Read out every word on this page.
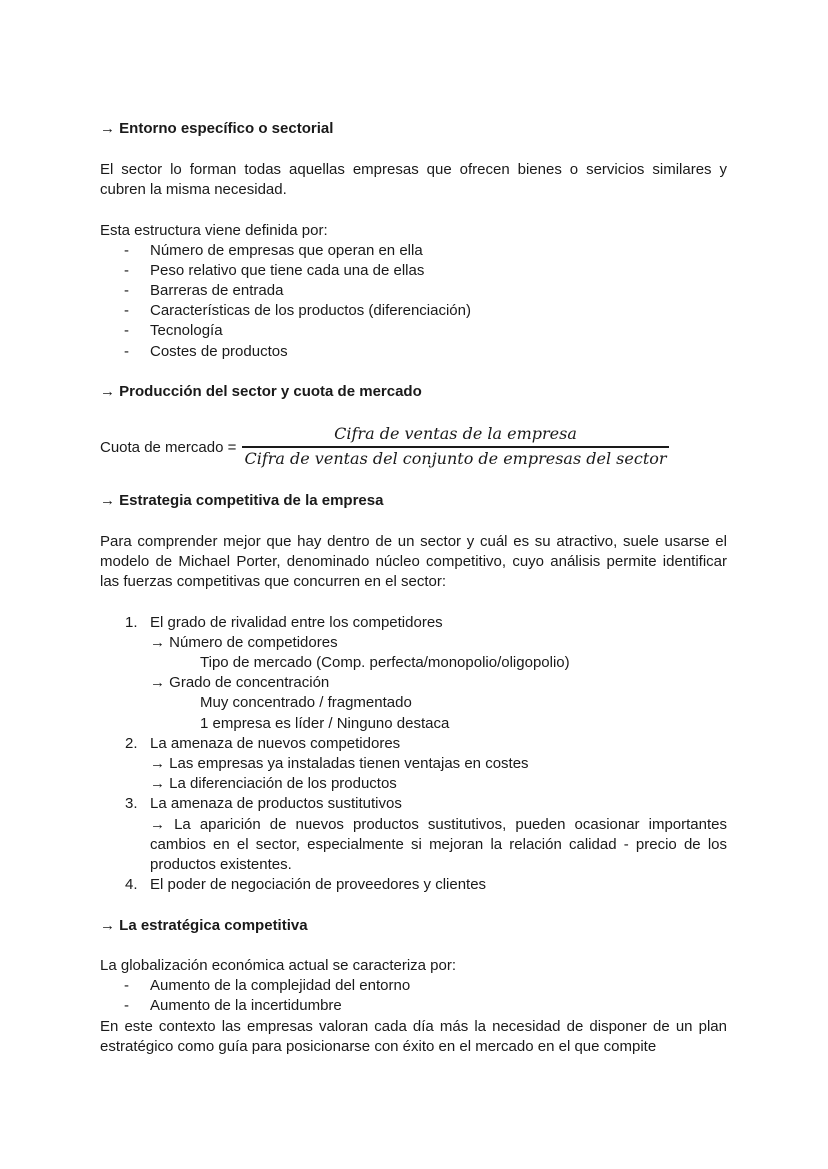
→ Entorno específico o sectorial
El sector lo forman todas aquellas empresas que ofrecen bienes o servicios similares y
cubren la misma necesidad.
Esta estructura viene definida por:
- Número de empresas que operan en ella
- Peso relativo que tiene cada una de ellas
- Barreras de entrada
- Características de los productos (diferenciación)
- Tecnología
- Costes de productos
→ Producción del sector y cuota de mercado
Cuota de mercado =
Cifra de ventas de la empresa
Cifra de ventas del conjunto de empresas del sector
→ Estrategia competitiva de la empresa
Para comprender mejor que hay dentro de un sector y cuál es su atractivo, suele usarse el
modelo de Michael Porter, denominado núcleo competitivo, cuyo análisis permite identificar
las fuerzas competitivas que concurren en el sector:
1. El grado de rivalidad entre los competidores
→ Número de competidores
Tipo de mercado (Comp. perfecta/monopolio/oligopolio)
→ Grado de concentración
Muy concentrado / fragmentado
1 empresa es líder / Ninguno destaca
2. La amenaza de nuevos competidores
→ Las empresas ya instaladas tienen ventajas en costes
→ La diferenciación de los productos
3. La amenaza de productos sustitutivos
→ La aparición de nuevos productos sustitutivos, pueden ocasionar importantes
cambios en el sector, especialmente si mejoran la relación calidad - precio de los
productos existentes.
4. El poder de negociación de proveedores y clientes
→ La estratégica competitiva
La globalización económica actual se caracteriza por:
- Aumento de la complejidad del entorno
- Aumento de la incertidumbre
En este contexto las empresas valoran cada día más la necesidad de disponer de un plan
estratégico como guía para posicionarse con éxito en el mercado en el que compite
